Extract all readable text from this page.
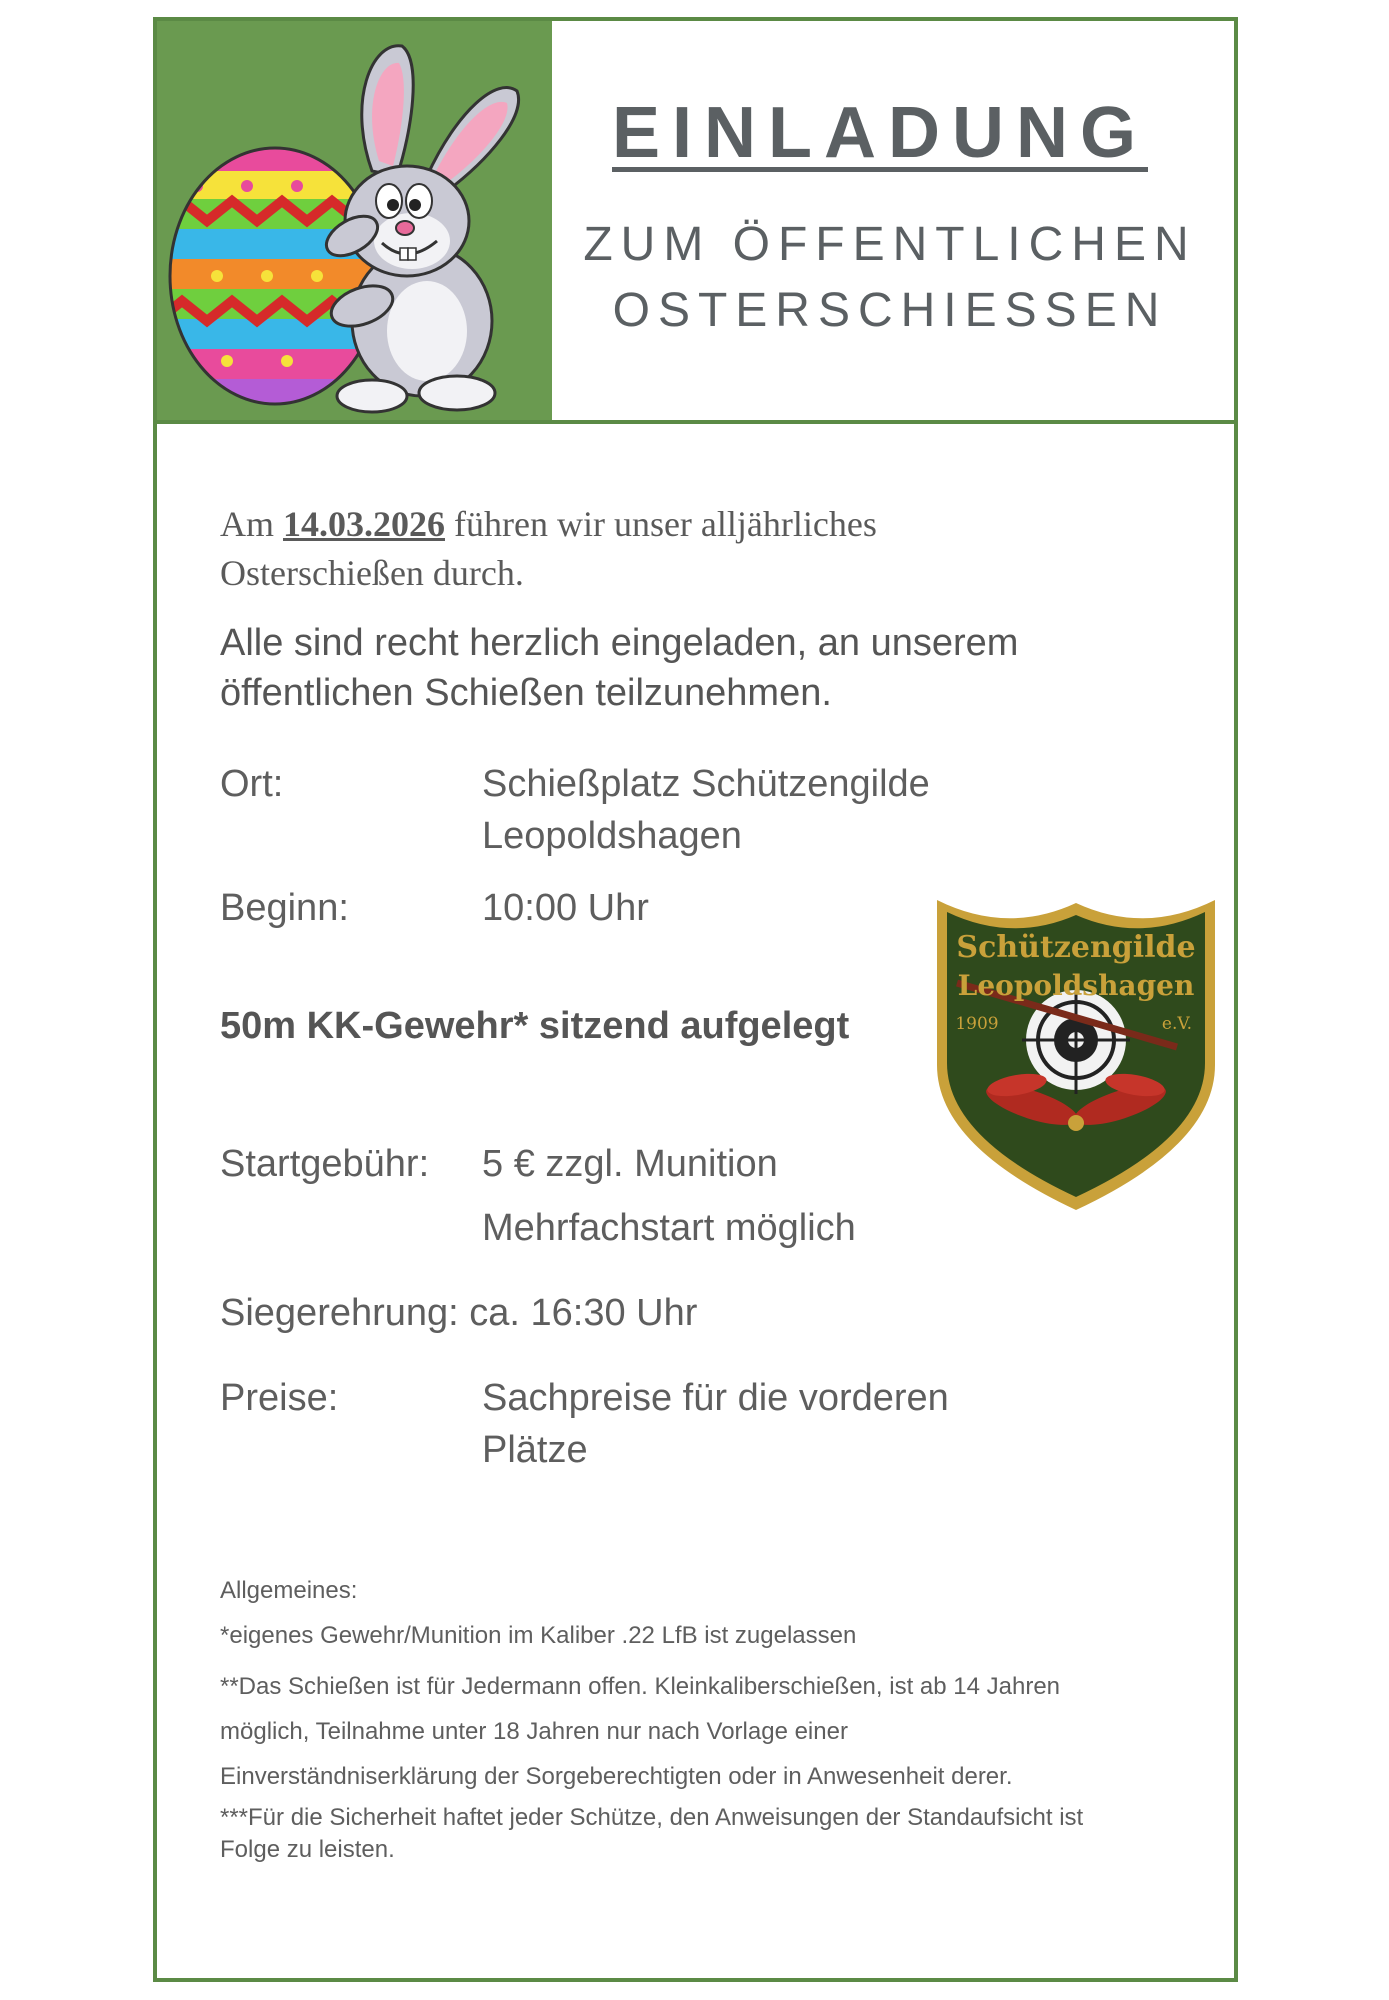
EINLADUNG
ZUM ÖFFENTLICHEN
OSTERSCHIESSEN
Am 14.03.2026 führen wir unser alljährliches
Osterschießen durch.
Alle sind recht herzlich eingeladen, an unserem
öffentlichen Schießen teilzunehmen.
Ort:	Schießplatz Schützengilde
Leopoldshagen
Beginn:	10:00 Uhr
50m KK-Gewehr* sitzend aufgelegt
Startgebühr:	5 € zzgl. Munition
Mehrfachstart möglich
Siegerehrung: ca. 16:30 Uhr
Preise:	Sachpreise für die vorderen
Plätze
Allgemeines:
*eigenes Gewehr/Munition im Kaliber .22 LfB ist zugelassen
**Das Schießen ist für Jedermann offen. Kleinkaliberschießen, ist ab 14 Jahren
möglich, Teilnahme unter 18 Jahren nur nach Vorlage einer
Einverständniserklärung der Sorgeberechtigten oder in Anwesenheit derer.
***Für die Sicherheit haftet jeder Schütze, den Anweisungen der Standaufsicht ist
Folge zu leisten.
Schützengilde
Leopoldshagen
1909	e.V.
